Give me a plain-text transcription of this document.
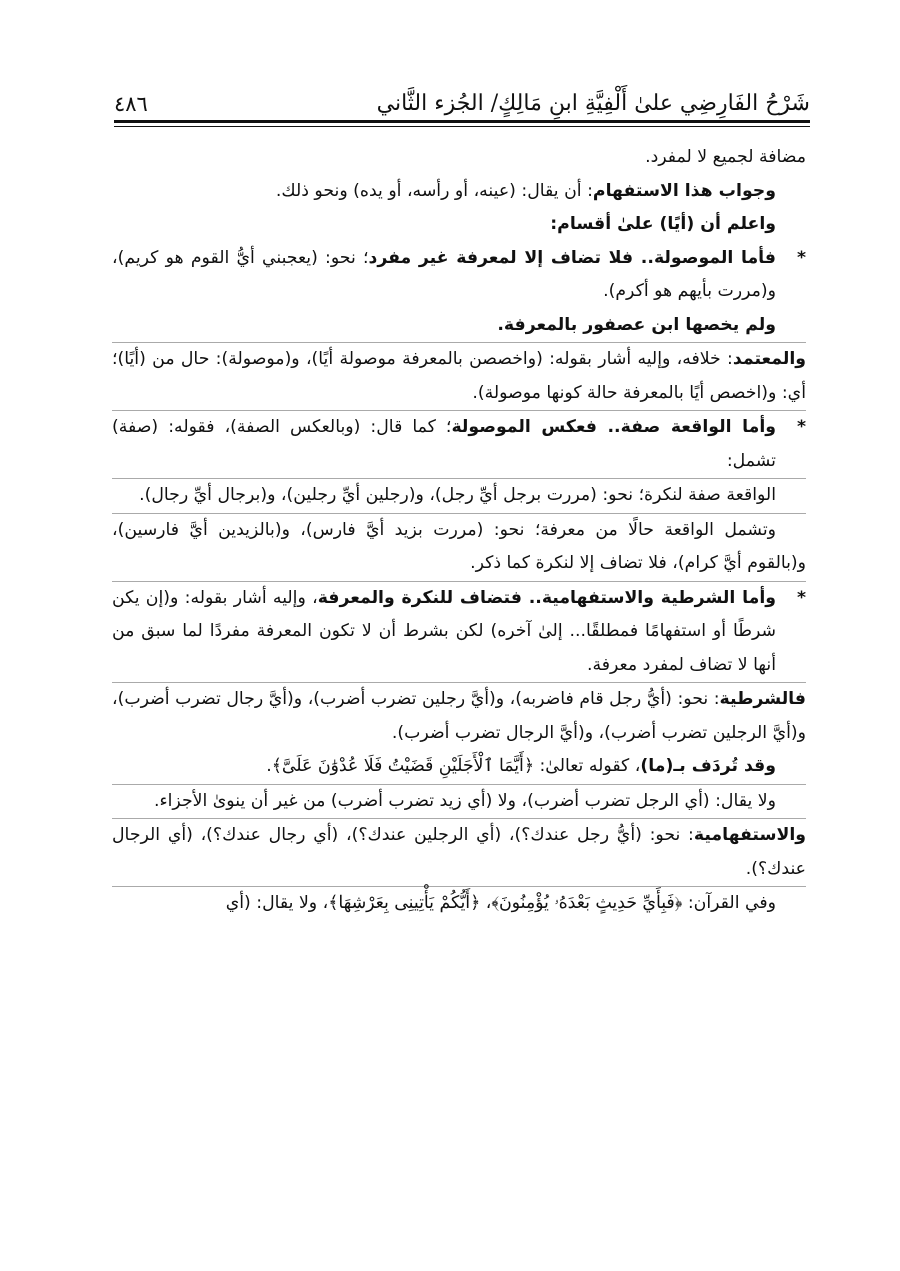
شَرْحُ الفَارِضِي علىٰ أَلْفِيَّةِ ابنِ مَالِكٍ/ الجُزء الثَّاني
٤٨٦

مضافة لجميع لا لمفرد.

وجواب هذا الاستفهام: أن يقال: (عينه، أو رأسه، أو يده) ونحو ذلك.

واعلم أن (أيًا) علىٰ أقسام:

*
فأما الموصولة.. فلا تضاف إلا لمعرفة غير مفرد؛ نحو: (يعجبني أيُّ القوم هو كريم)، و(مررت بأيهم هو أكرم).

ولم يخصها ابن عصفور بالمعرفة.

والمعتمد: خلافه، وإليه أشار بقوله: (واخصصن بالمعرفة موصولة أيًا)، و(موصولة): حال من (أيًا)؛ أي: و(اخصص أيًا بالمعرفة حالة كونها موصولة).

*
وأما الواقعة صفة.. فعكس الموصولة؛ كما قال: (وبالعكس الصفة)، فقوله: (صفة) تشمل:

الواقعة صفة لنكرة؛ نحو: (مررت برجل أيِّ رجل)، و(رجلين أيِّ رجلين)، و(برجال أيِّ رجال).

وتشمل الواقعة حالًا من معرفة؛ نحو: (مررت بزيد أيَّ فارس)، و(بالزيدين أيَّ فارسين)، و(بالقوم أيَّ كرام)، فلا تضاف إلا لنكرة كما ذكر.

*
وأما الشرطية والاستفهامية.. فتضاف للنكرة والمعرفة، وإليه أشار بقوله: و(إن يكن شرطًا أو استفهامًا فمطلقًا... إلىٰ آخره) لكن بشرط أن لا تكون المعرفة مفردًا لما سبق من أنها لا تضاف لمفرد معرفة.

فالشرطية: نحو: (أيُّ رجل قام فاضربه)، و(أيَّ رجلين تضرب أضرب)، و(أيَّ رجال تضرب أضرب)، و(أيَّ الرجلين تضرب أضرب)، و(أيَّ الرجال تضرب أضرب).

وقد تُردَف بـ(ما)، كقوله تعالىٰ: ﴿أَيَّمَا ٱلْأَجَلَيْنِ قَضَيْتُ فَلَا عُدْوَٰنَ عَلَىَّ﴾.

ولا يقال: (أي الرجل تضرب أضرب)، ولا (أي زيد تضرب أضرب) من غير أن ينوىٰ الأجزاء.

والاستفهامية: نحو: (أيُّ رجل عندك؟)، (أي الرجلين عندك؟)، (أي رجال عندك؟)، (أي الرجال عندك؟).

وفي القرآن: ﴿فَبِأَيِّ حَدِيثٍ بَعْدَهُۥ يُؤْمِنُونَ﴾، ﴿أَيُّكُمْ يَأْتِينِى بِعَرْشِهَا﴾، ولا يقال: (أي
